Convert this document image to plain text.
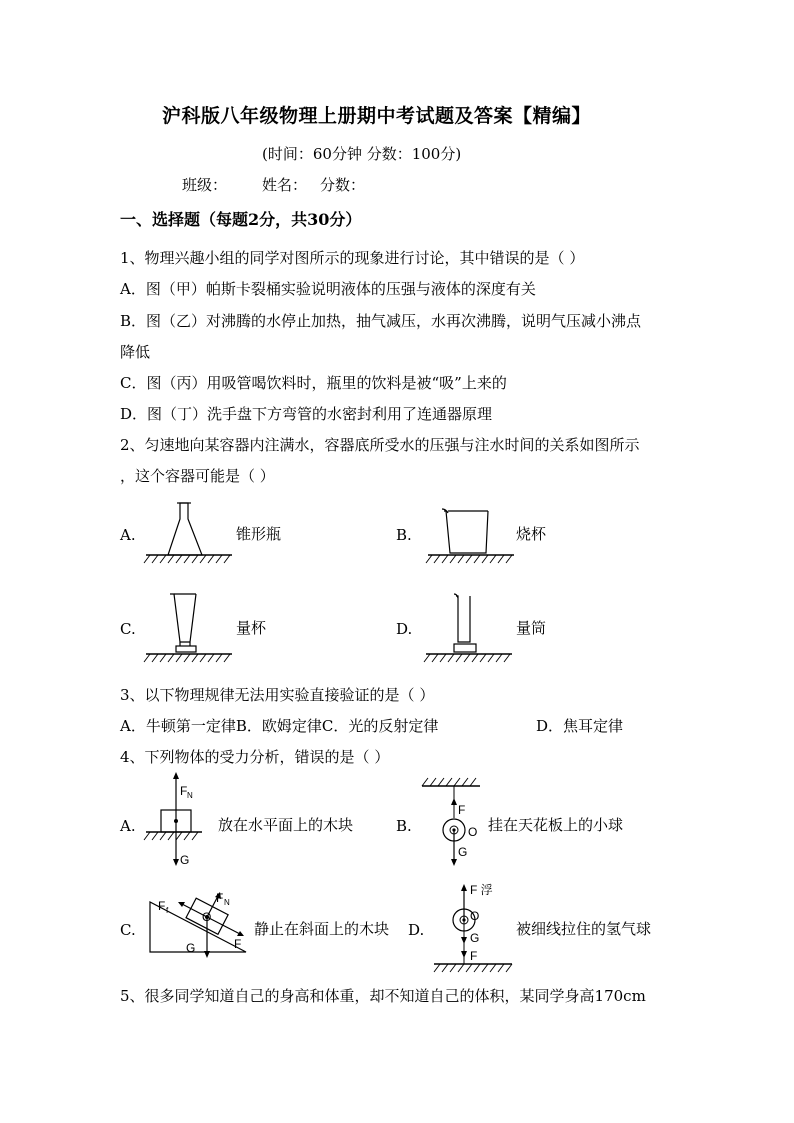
沪科版八年级物理上册期中考试题及答案【精编】
(时间：60分钟 分数：100分)
班级： 姓名： 分数：
一、选择题（每题2分，共30分）
1、物理兴趣小组的同学对图所示的现象进行讨论，其中错误的是（ ）
A．图（甲）帕斯卡裂桶实验说明液体的压强与液体的深度有关
B．图（乙）对沸腾的水停止加热，抽气减压，水再次沸腾，说明气压减小沸点
降低
C．图（丙）用吸管喝饮料时，瓶里的饮料是被“吸”上来的
D．图（丁）洗手盘下方弯管的水密封利用了连通器原理
2、匀速地向某容器内注满水，容器底所受水的压强与注水时间的关系如图所示
，这个容器可能是（ ）
A.	锥形瓶	B.	烧杯
C.	量杯	D.	量筒
3、以下物理规律无法用实验直接验证的是（ ）
A．牛顿第一定律B．欧姆定律C．光的反射定律	D．焦耳定律
4、下列物体的受力分析，错误的是（ ）
A.	放在水平面上的木块	B.	挂在天花板上的小球
C.	静止在斜面上的木块 D.	被细线拉住的氢气球
F N
G
F
O
G
F f
F N
O
G	F
F 浮
O
G
F
5、很多同学知道自己的身高和体重，却不知道自己的体积，某同学身高170cm
